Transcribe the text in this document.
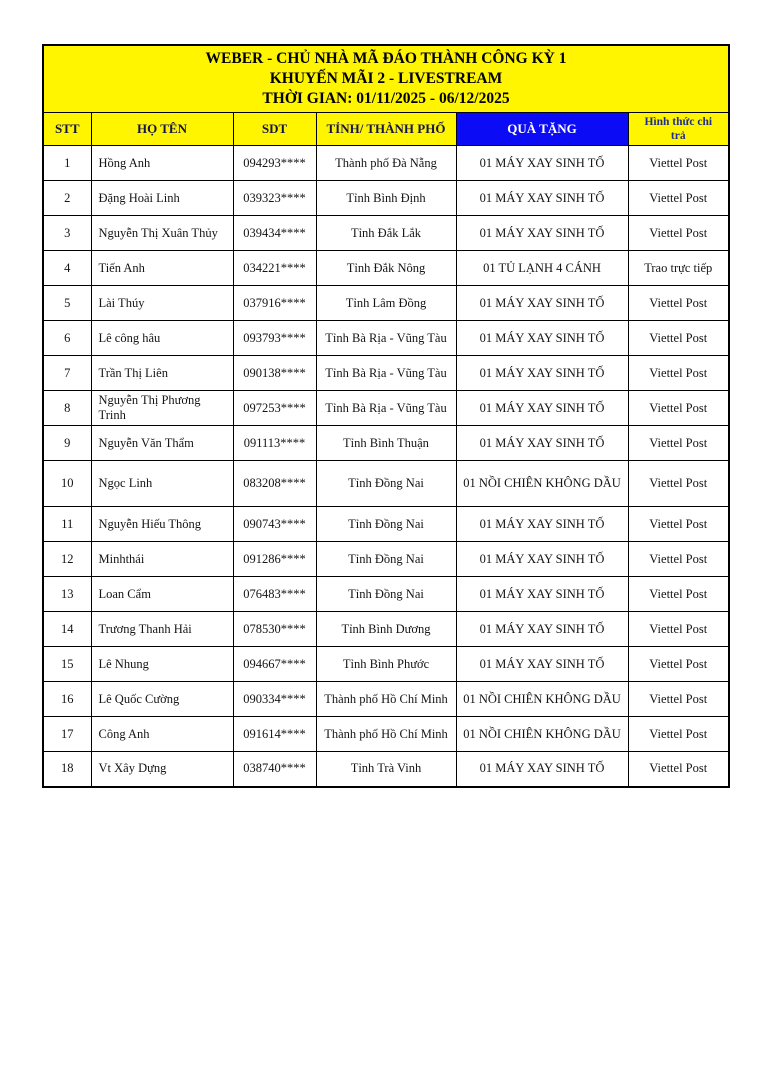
WEBER - CHỦ NHÀ MÃ ĐÁO THÀNH CÔNG KỲ 1
KHUYẾN MÃI 2 - LIVESTREAM
THỜI GIAN: 01/11/2025 - 06/12/2025					

STT	HỌ TÊN	SDT	TỈNH/ THÀNH PHỐ	QUÀ TẶNG	Hình thức chi trả
1	Hồng Anh	094293****	Thành phố Đà Nẵng	01 MÁY XAY SINH TỐ	Viettel Post
2	Đặng Hoài Linh	039323****	Tỉnh Bình Định	01 MÁY XAY SINH TỐ	Viettel Post
3	Nguyễn Thị Xuân Thủy	039434****	Tỉnh Đắk Lắk	01 MÁY XAY SINH TỐ	Viettel Post
4	Tiến Anh	034221****	Tỉnh Đắk Nông	01 TỦ LẠNH 4 CÁNH	Trao trực tiếp
5	Lài Thúy	037916****	Tỉnh Lâm Đồng	01 MÁY XAY SINH TỐ	Viettel Post
6	Lê công hâu	093793****	Tỉnh Bà Rịa - Vũng Tàu	01 MÁY XAY SINH TỐ	Viettel Post
7	Trần Thị Liên	090138****	Tỉnh Bà Rịa - Vũng Tàu	01 MÁY XAY SINH TỐ	Viettel Post
8	Nguyễn Thị Phương Trinh	097253****	Tỉnh Bà Rịa - Vũng Tàu	01 MÁY XAY SINH TỐ	Viettel Post
9	Nguyễn Văn Thẩm	091113****	Tỉnh Bình Thuận	01 MÁY XAY SINH TỐ	Viettel Post
10	Ngọc Linh	083208****	Tỉnh Đồng Nai	01 NỒI CHIÊN KHÔNG DẦU	Viettel Post
11	Nguyễn Hiếu Thông	090743****	Tỉnh Đồng Nai	01 MÁY XAY SINH TỐ	Viettel Post
12	Minhthái	091286****	Tỉnh Đồng Nai	01 MÁY XAY SINH TỐ	Viettel Post
13	Loan Cẩm	076483****	Tỉnh Đồng Nai	01 MÁY XAY SINH TỐ	Viettel Post
14	Trương Thanh Hải	078530****	Tỉnh Bình Dương	01 MÁY XAY SINH TỐ	Viettel Post
15	Lê Nhung	094667****	Tỉnh Bình Phước	01 MÁY XAY SINH TỐ	Viettel Post
16	Lê Quốc Cường	090334****	Thành phố Hồ Chí Minh	01 NỒI CHIÊN KHÔNG DẦU	Viettel Post
17	Công Anh	091614****	Thành phố Hồ Chí Minh	01 NỒI CHIÊN KHÔNG DẦU	Viettel Post
18	Vt Xây Dựng	038740****	Tỉnh Trà Vinh	01 MÁY XAY SINH TỐ	Viettel Post
